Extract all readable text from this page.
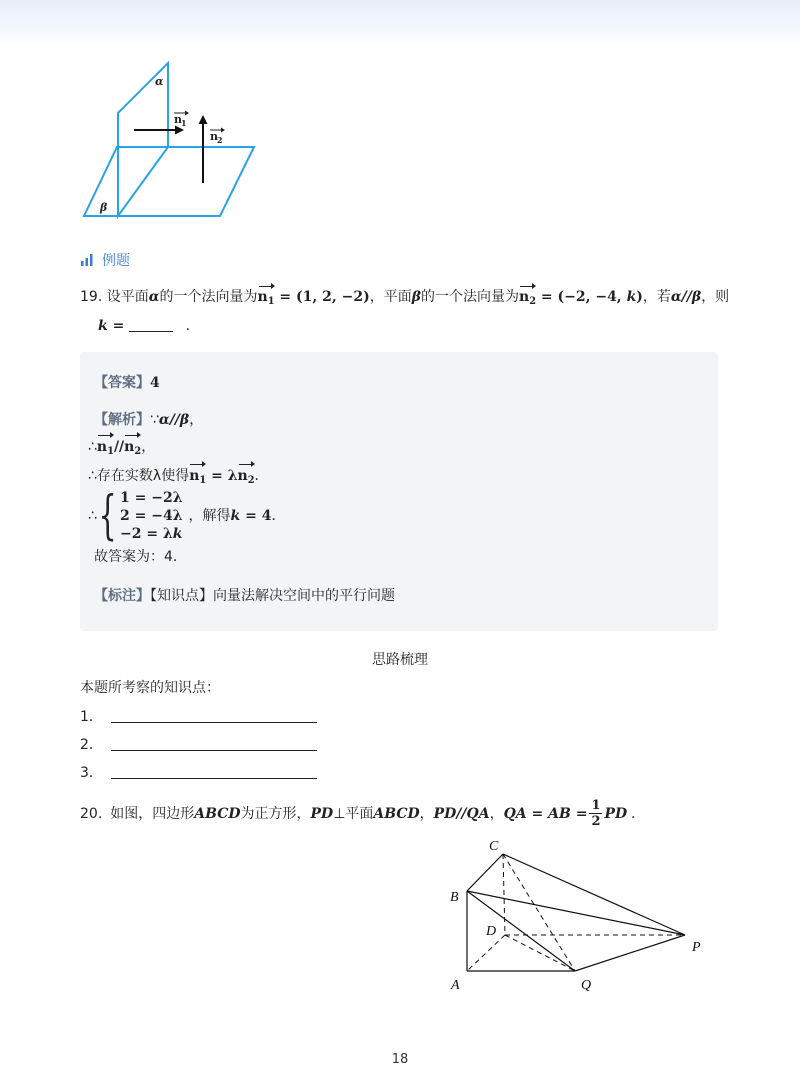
α
β
n 1
n 2
例题
19. 设平面α的一个法向量为$n_1 = (1$, 2, −2)，平面β的一个法向量为$n_2 = (-2$, −4, k)，若α//β，则
k =	.
【答案】4
【解析】∵α//β，
$\therefore n_1//n_2$，
∴存在实数λ使得$n_1 = \lambda n_2$．
∴ { 1 = −2λ
2 = −4λ
−2 = λk
，解得k = 4．
故答案为：4．
【标注】【知识点】向量法解决空间中的平行问题
思路梳理
本题所考察的知识点：
1．
2．
3．
20. 如图，四边形 ABCD 为正方形， PD ⊥平面 ABCD ， PD//QA ， QA = AB = $\frac{1}{2}$ PD ．
C
B
D
A	Q
P
18
